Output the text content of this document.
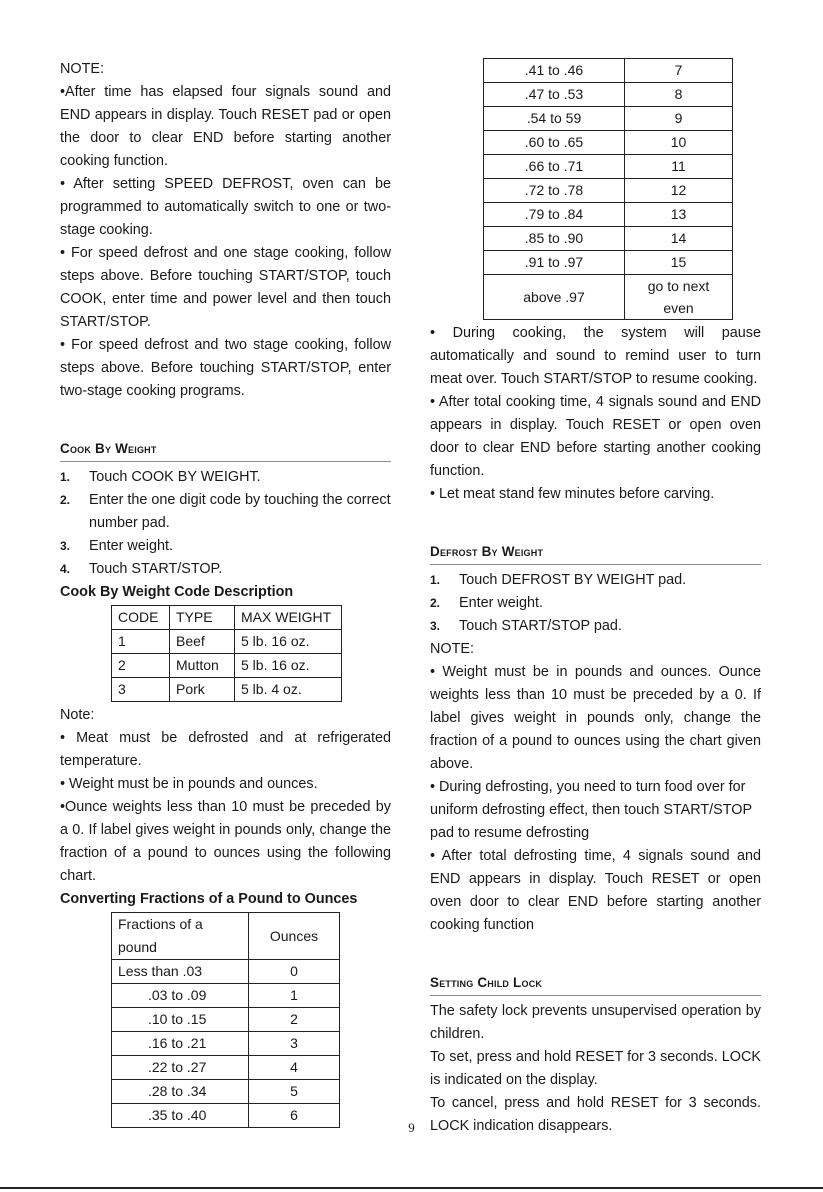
NOTE:

•After time has elapsed four signals sound and END appears in display. Touch RESET pad or open the door to clear END before starting another cooking function.

• After setting SPEED DEFROST, oven can be programmed to automatically switch to one or two-stage cooking.

• For speed defrost and one stage cooking, follow steps above. Before touching START/STOP, touch COOK, enter time and power level and then touch START/STOP.

• For speed defrost and two stage cooking, follow steps above. Before touching START/STOP, enter two-stage cooking programs.

Cook By Weight
1. Touch COOK BY WEIGHT.
2. Enter the one digit code by touching the correct number pad.
3. Enter weight.
4. Touch START/STOP.

Cook By Weight Code Description

CODE	TYPE	MAX WEIGHT
1	Beef	5 lb. 16 oz.
2	Mutton	5 lb. 16 oz.
3	Pork	5 lb. 4 oz.

Note:

• Meat must be defrosted and at refrigerated temperature.

• Weight must be in pounds and ounces.

•Ounce weights less than 10 must be preceded by a 0. If label gives weight in pounds only, change the fraction of a pound to ounces using the following chart.

Converting Fractions of a Pound to Ounces

Fractions of a pound	Ounces
Less than .03	0
.03 to .09	1
.10 to .15	2
.16 to .21	3
.22 to .27	4
.28 to .34	5
.35 to .40	6
.41 to .46	7
.47 to .53	8
.54 to 59	9
.60 to .65	10
.66 to .71	11
.72 to .78	12
.79 to .84	13
.85 to .90	14
.91 to .97	15
above .97	go to next even

• During cooking, the system will pause automatically and sound to remind user to turn meat over. Touch START/STOP to resume cooking.

• After total cooking time, 4 signals sound and END appears in display. Touch RESET or open oven door to clear END before starting another cooking function.

• Let meat stand few minutes before carving.

Defrost By Weight
1. Touch DEFROST BY WEIGHT pad.
2. Enter weight.
3. Touch START/STOP pad.

NOTE:

• Weight must be in pounds and ounces. Ounce weights less than 10 must be preceded by a 0. If label gives weight in pounds only, change the fraction of a pound to ounces using the chart given above.

• During defrosting, you need to turn food over for uniform defrosting effect, then touch START/STOP pad to resume defrosting

• After total defrosting time, 4 signals sound and END appears in display. Touch RESET or open oven door to clear END before starting another cooking function

Setting Child Lock

The safety lock prevents unsupervised operation by children.

To set, press and hold RESET for 3 seconds. LOCK is indicated on the display.

To cancel, press and hold RESET for 3 seconds. LOCK indication disappears.

9
